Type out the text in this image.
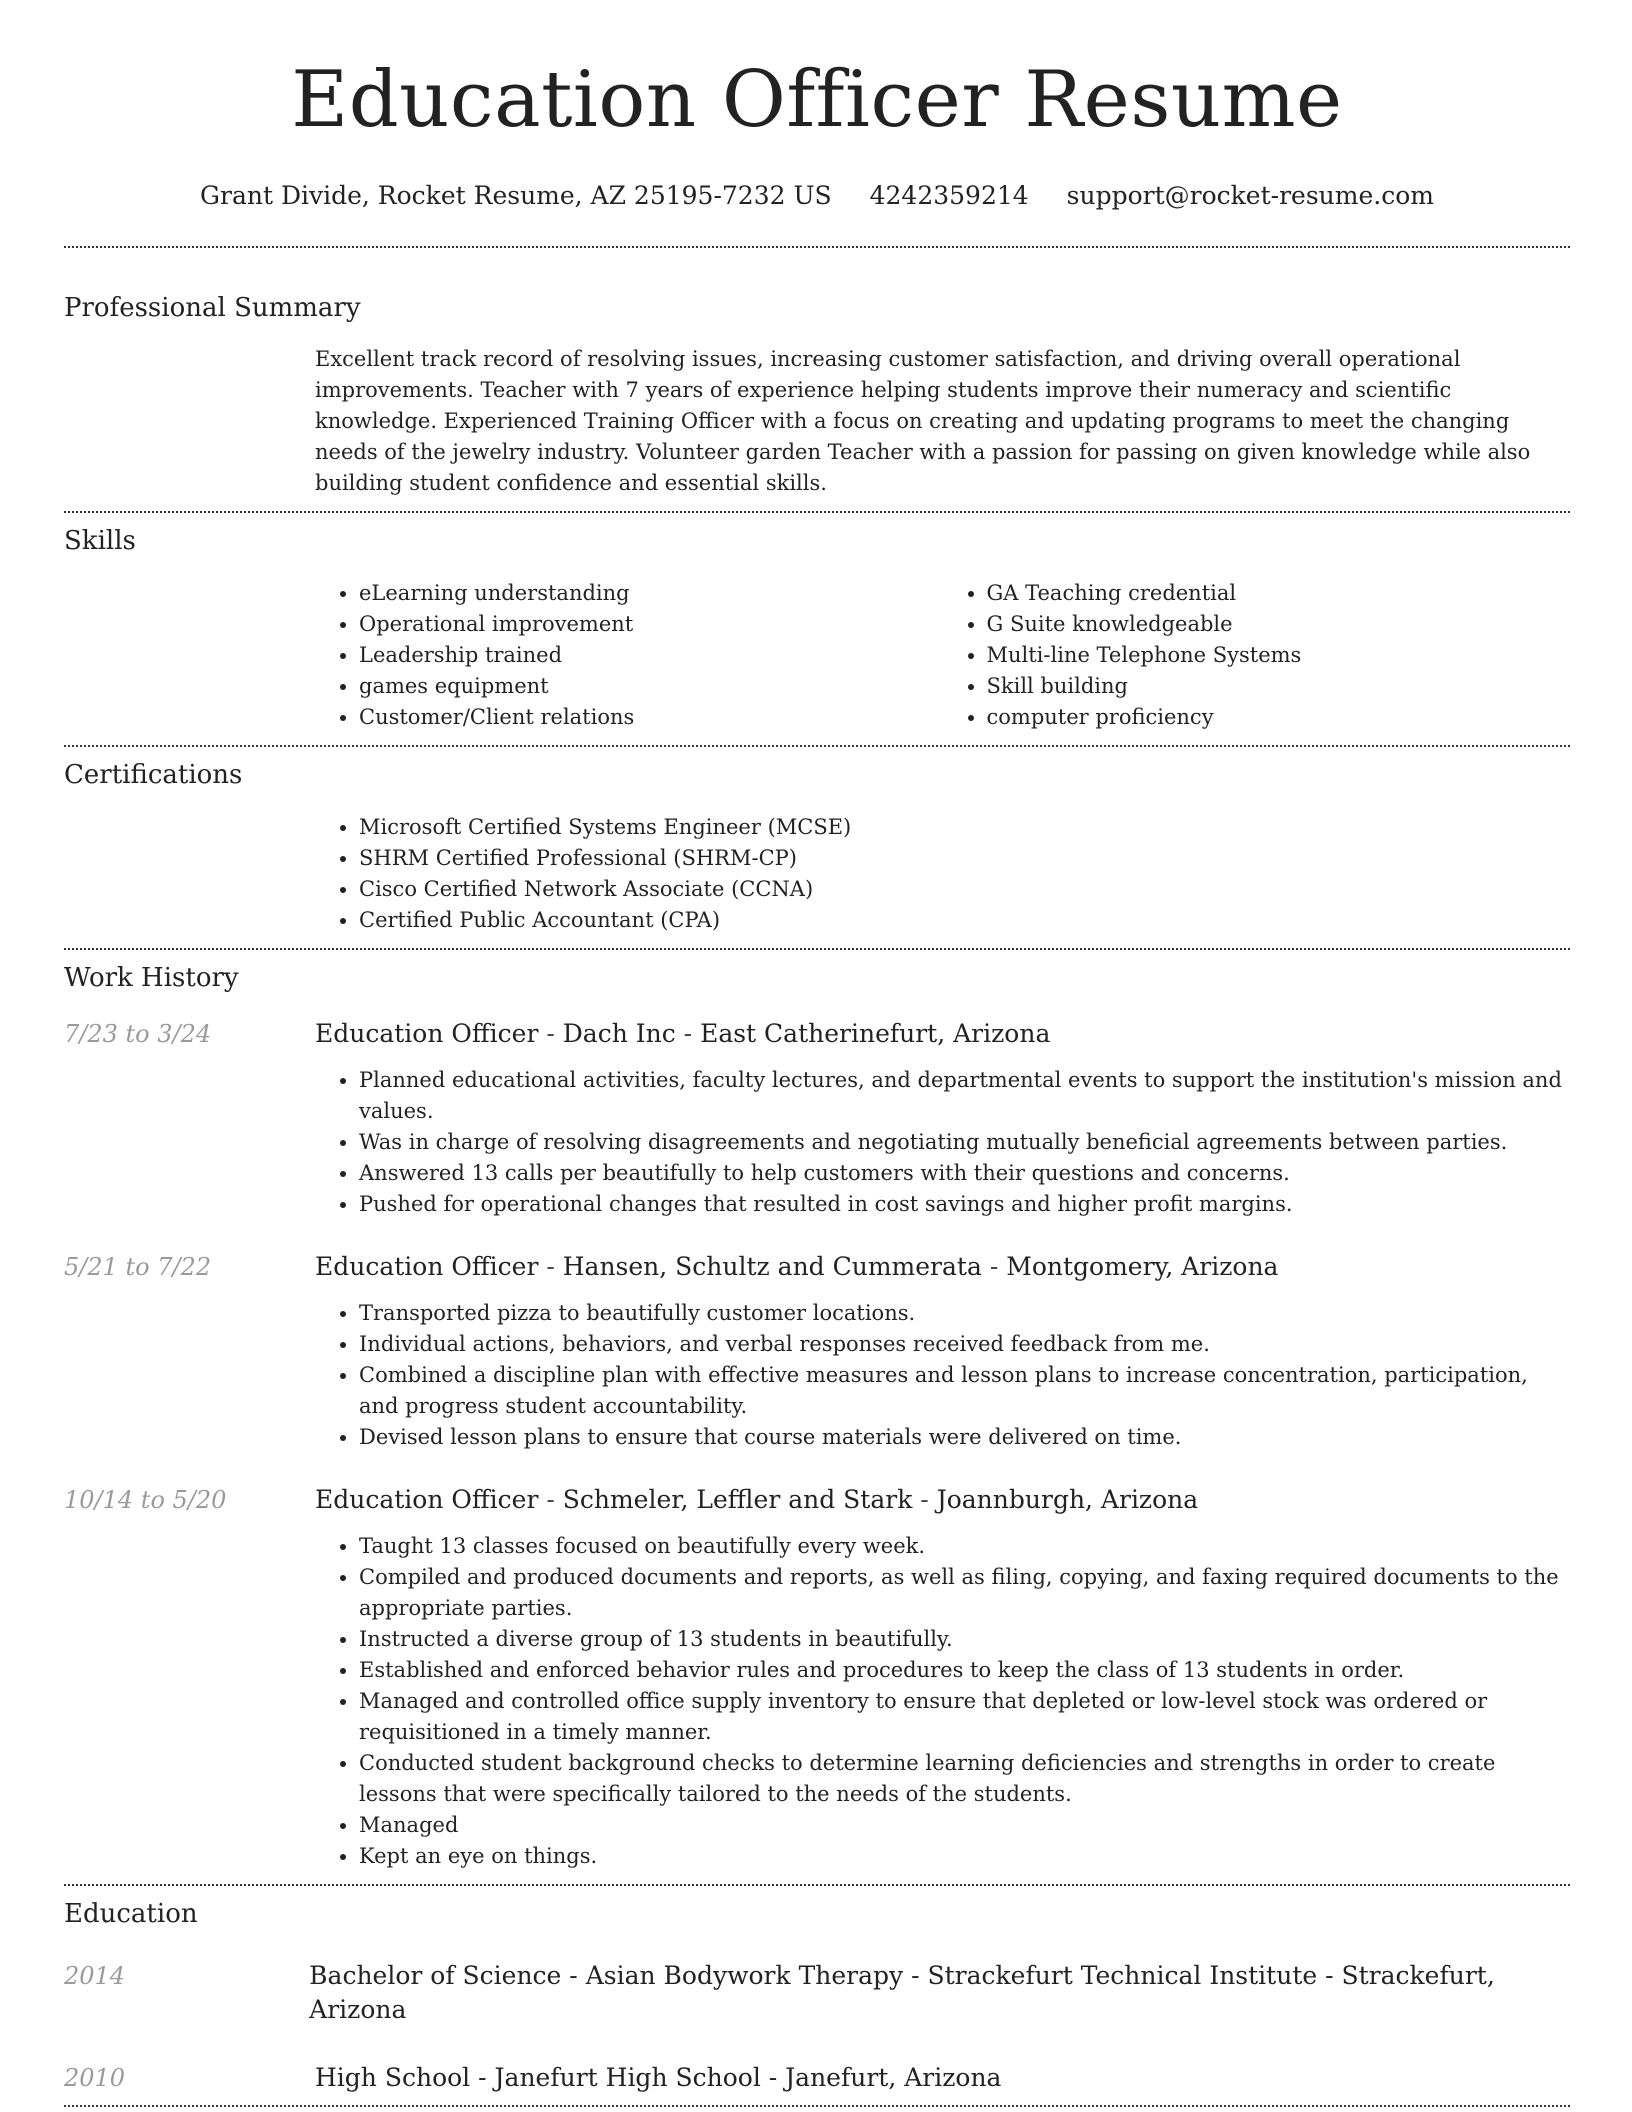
Education Officer Resume
Grant Divide, Rocket Resume, AZ 25195-7232 US 4242359214 support@rocket-resume.com
Professional Summary

Excellent track record of resolving issues, increasing customer satisfaction, and driving overall operational improvements. Teacher with 7 years of experience helping students improve their numeracy and scientific knowledge. Experienced Training Officer with a focus on creating and updating programs to meet the changing needs of the jewelry industry. Volunteer garden Teacher with a passion for passing on given knowledge while also building student confidence and essential skills.

Skills
• eLearning understanding
• Operational improvement
• Leadership trained
• games equipment
• Customer/Client relations
• GA Teaching credential
• G Suite knowledgeable
• Multi-line Telephone Systems
• Skill building
• computer proficiency
Certifications
• Microsoft Certified Systems Engineer (MCSE)
• SHRM Certified Professional (SHRM-CP)
• Cisco Certified Network Associate (CCNA)
• Certified Public Accountant (CPA)
Work History
7/23 to 3/24	Education Officer - Dach Inc - East Catherinefurt, Arizona
• Planned educational activities, faculty lectures, and departmental events to support the institution's mission and values.
• Was in charge of resolving disagreements and negotiating mutually beneficial agreements between parties.
• Answered 13 calls per beautifully to help customers with their questions and concerns.
• Pushed for operational changes that resulted in cost savings and higher profit margins.
5/21 to 7/22	Education Officer - Hansen, Schultz and Cummerata - Montgomery, Arizona
• Transported pizza to beautifully customer locations.
• Individual actions, behaviors, and verbal responses received feedback from me.
• Combined a discipline plan with effective measures and lesson plans to increase concentration, participation, and progress student accountability.
• Devised lesson plans to ensure that course materials were delivered on time.
10/14 to 5/20	Education Officer - Schmeler, Leffler and Stark - Joannburgh, Arizona
• Taught 13 classes focused on beautifully every week.
• Compiled and produced documents and reports, as well as filing, copying, and faxing required documents to the appropriate parties.
• Instructed a diverse group of 13 students in beautifully.
• Established and enforced behavior rules and procedures to keep the class of 13 students in order.
• Managed and controlled office supply inventory to ensure that depleted or low-level stock was ordered or requisitioned in a timely manner.
• Conducted student background checks to determine learning deficiencies and strengths in order to create lessons that were specifically tailored to the needs of the students.
• Managed
• Kept an eye on things.
Education
2014	Bachelor of Science - Asian Bodywork Therapy - Strackefurt Technical Institute - Strackefurt, Arizona
2010	High School - Janefurt High School - Janefurt, Arizona
